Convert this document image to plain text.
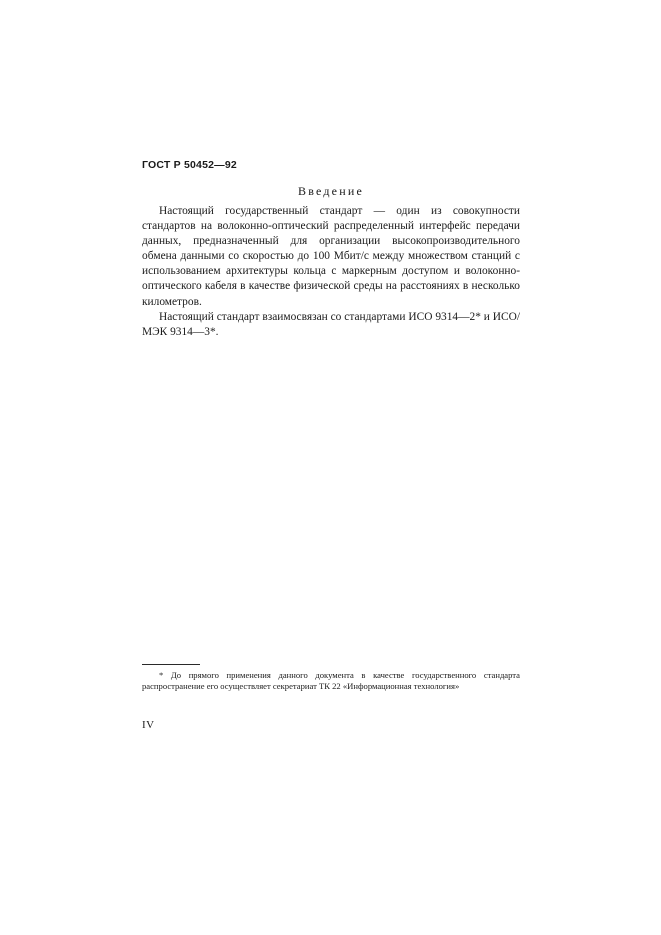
ГОСТ Р 50452—92
Введение

Настоящий государственный стандарт — один из совокупности стандартов на волоконно-оптический распределенный интерфейс передачи данных, предназначенный для организации высокопроизводительного обмена данными со скоростью до 100 Мбит/с между множеством станций с использованием архитектуры кольца с маркерным доступом и волоконно-оптического кабеля в качестве физической среды на расстояниях в несколько километров.

Настоящий стандарт взаимосвязан со стандартами ИСО 9314—2* и ИСО/МЭК 9314—3*.

* До прямого применения данного документа в качестве государственного стандарта распространение его осуществляет секретариат ТК 22 «Информационная технология»
IV
